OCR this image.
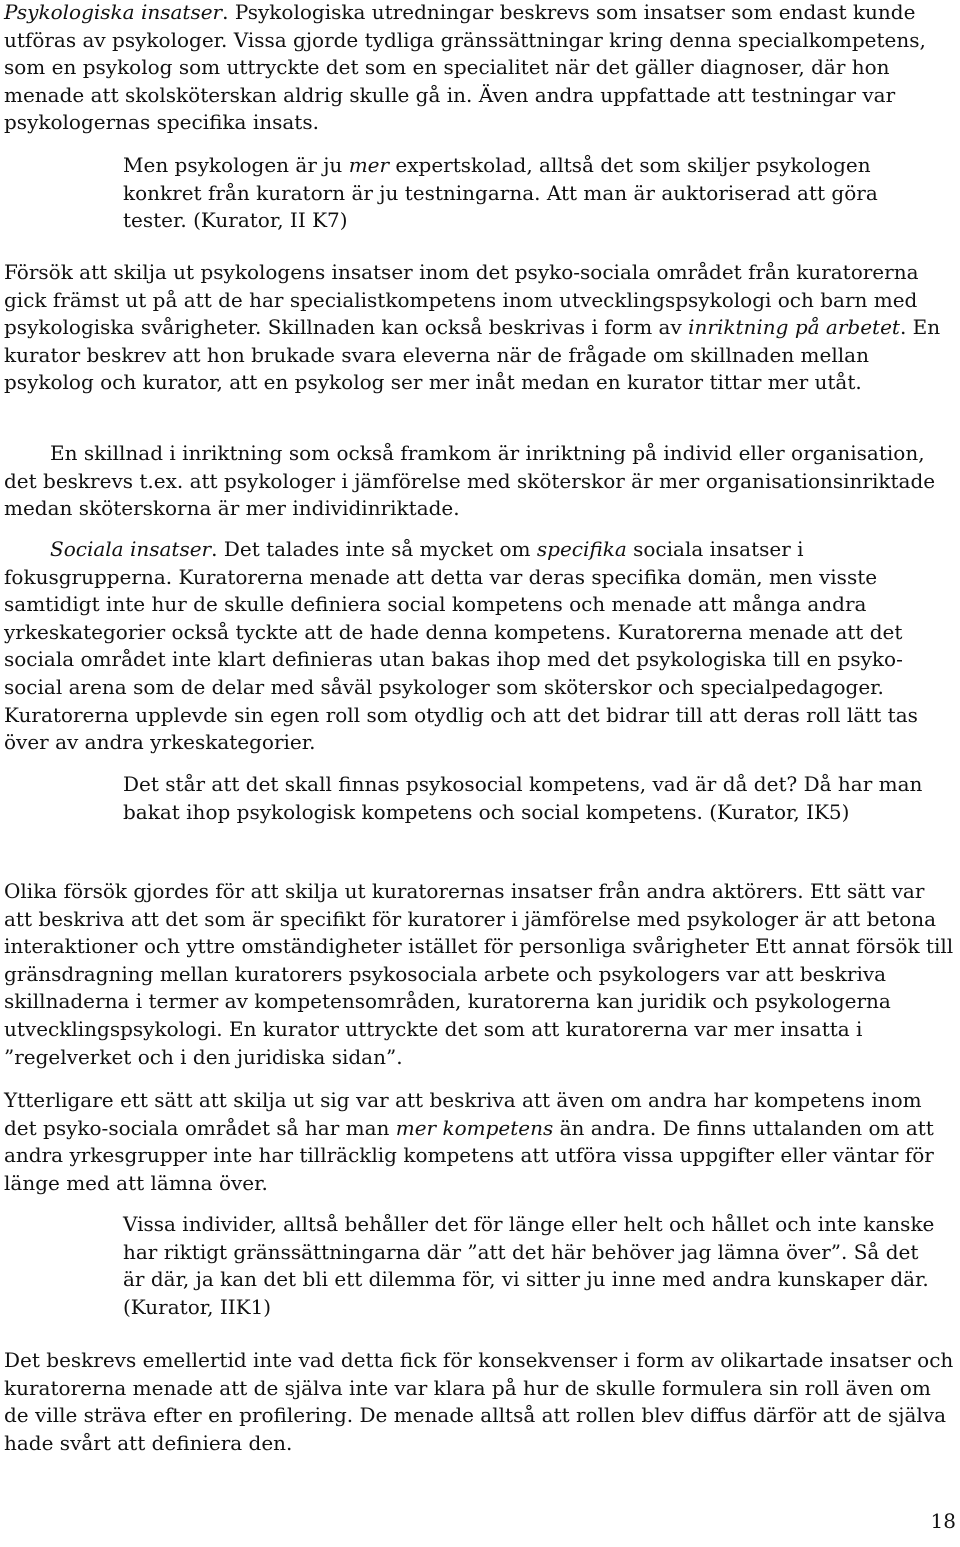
Psykologiska insatser. Psykologiska utredningar beskrevs som insatser som endast kunde utföras av psykologer. Vissa gjorde tydliga gränssättningar kring denna specialkompetens, som en psykolog som uttryckte det som en specialitet när det gäller diagnoser, där hon menade att skolsköterskan aldrig skulle gå in. Även andra uppfattade att testningar var psykologernas specifika insats.

Men psykologen är ju mer expertskolad, alltså det som skiljer psykologen konkret från kuratorn är ju testningarna. Att man är auktoriserad att göra tester. (Kurator, II K7)

Försök att skilja ut psykologens insatser inom det psyko-sociala området från kuratorerna gick främst ut på att de har specialistkompetens inom utvecklingspsykologi och barn med psykologiska svårigheter. Skillnaden kan också beskrivas i form av inriktning på arbetet. En kurator beskrev att hon brukade svara eleverna när de frågade om skillnaden mellan psykolog och kurator, att en psykolog ser mer inåt medan en kurator tittar mer utåt.

En skillnad i inriktning som också framkom är inriktning på individ eller organisation, det beskrevs t.ex. att psykologer i jämförelse med sköterskor är mer organisationsinriktade medan sköterskorna är mer individinriktade.

Sociala insatser. Det talades inte så mycket om specifika sociala insatser i fokusgrupperna. Kuratorerna menade att detta var deras specifika domän, men visste samtidigt inte hur de skulle definiera social kompetens och menade att många andra yrkeskategorier också tyckte att de hade denna kompetens. Kuratorerna menade att det sociala området inte klart definieras utan bakas ihop med det psykologiska till en psyko-social arena som de delar med såväl psykologer som sköterskor och specialpedagoger. Kuratorerna upplevde sin egen roll som otydlig och att det bidrar till att deras roll lätt tas över av andra yrkeskategorier.

Det står att det skall finnas psykosocial kompetens, vad är då det? Då har man bakat ihop psykologisk kompetens och social kompetens. (Kurator, IK5)

Olika försök gjordes för att skilja ut kuratorernas insatser från andra aktörers. Ett sätt var att beskriva att det som är specifikt för kuratorer i jämförelse med psykologer är att betona interaktioner och yttre omständigheter istället för personliga svårigheter Ett annat försök till gränsdragning mellan kuratorers psykosociala arbete och psykologers var att beskriva skillnaderna i termer av kompetensområden, kuratorerna kan juridik och psykologerna utvecklingspsykologi. En kurator uttryckte det som att kuratorerna var mer insatta i ”regelverket och i den juridiska sidan”.

Ytterligare ett sätt att skilja ut sig var att beskriva att även om andra har kompetens inom det psyko-sociala området så har man mer kompetens än andra. De finns uttalanden om att andra yrkesgrupper inte har tillräcklig kompetens att utföra vissa uppgifter eller väntar för länge med att lämna över.

Vissa individer, alltså behåller det för länge eller helt och hållet och inte kanske har riktigt gränssättningarna där ”att det här behöver jag lämna över”. Så det är där, ja kan det bli ett dilemma för, vi sitter ju inne med andra kunskaper där. (Kurator, IIK1)

Det beskrevs emellertid inte vad detta fick för konsekvenser i form av olikartade insatser och kuratorerna menade att de själva inte var klara på hur de skulle formulera sin roll även om de ville sträva efter en profilering. De menade alltså att rollen blev diffus därför att de själva hade svårt att definiera den.

18
